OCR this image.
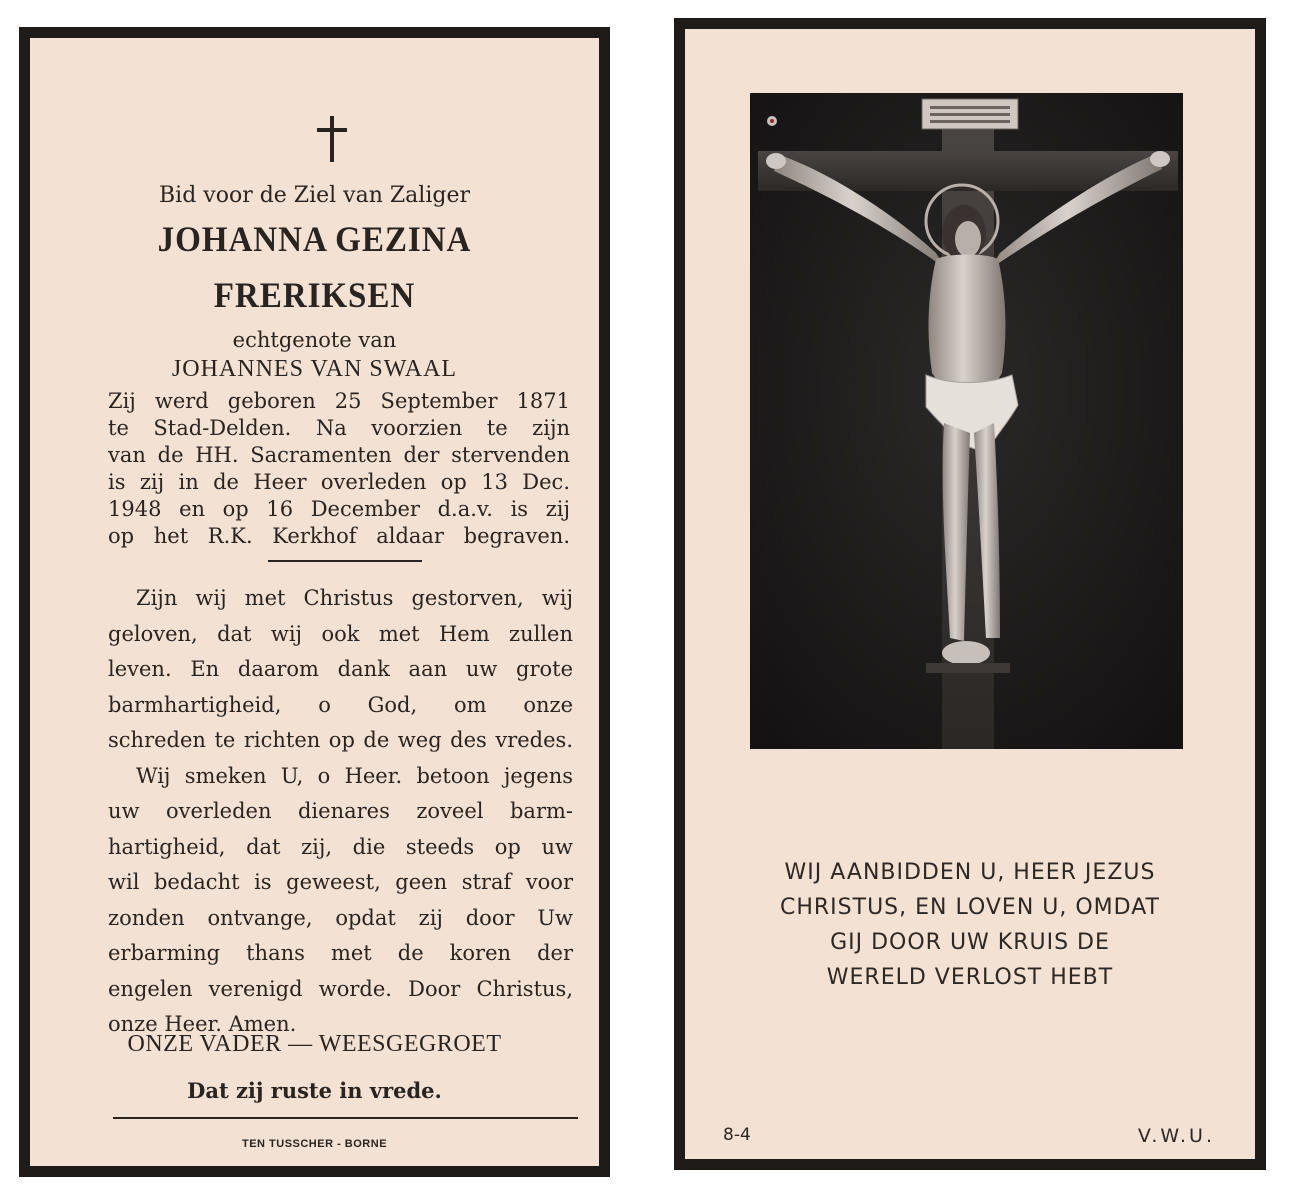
Bid voor de Ziel van Zaliger
JOHANNA GEZINA
FRERIKSEN
echtgenote van
JOHANNES VAN SWAAL
Zij werd geboren 25 September 1871
te Stad-Delden. Na voorzien te zijn
van de HH. Sacramenten der stervenden
is zij in de Heer overleden op 13 Dec.
1948 en op 16 December d.a.v. is zij
op het R.K. Kerkhof aldaar begraven.
Zijn wij met Christus gestorven, wij
geloven, dat wij ook met Hem zullen
leven. En daarom dank aan uw grote
barmhartigheid, o God, om onze
schreden te richten op de weg des vredes.
Wij smeken U, o Heer. betoon jegens
uw overleden dienares zoveel barm-
hartigheid, dat zij, die steeds op uw
wil bedacht is geweest, geen straf voor
zonden ontvange, opdat zij door Uw
erbarming thans met de koren der
engelen verenigd worde. Door Christus,
onze Heer. Amen.
ONZE VADER — WEESGEGROET
Dat zij ruste in vrede.
TEN TUSSCHER - BORNE
WIJ AANBIDDEN U, HEER JEZUS
CHRISTUS, EN LOVEN U, OMDAT
GIJ DOOR UW KRUIS DE
WERELD VERLOST HEBT
8-4	V.W.U.
